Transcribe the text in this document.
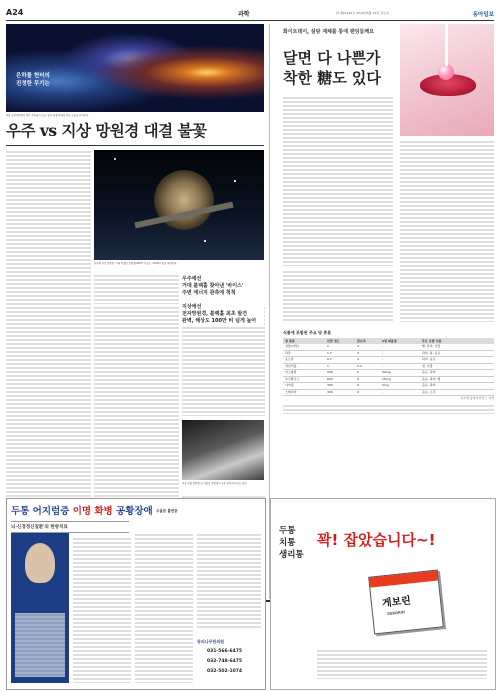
A24	과학	과 제21115호 2010년3월 12일 금요일	동아일보
은하를 헌터의
진정한 무기는
허블 우주망원경이 찍은 은하들의 모습. 빛의 파장에 따라 다른 모습을 보여준다.
우주 vs 지상 망원경 대결 불꽃
차세대 지상 망원경 '거대 마젤란 망원경(GMT)' 상상도. 2018년 완공 예정이다.
우주에선
거대 블랙홀 찾아낸 '바이스'
주변 에너지 관측에 척척
지상에선
전자망원경, 블랙홀 최초 발견
완벽, 해상도 100만 비 넘게 높아
지상 허블 망원경 등 다양한 망원경이 우주 관측에 나서고 있다.
화이트데이, 설탕 재체를 통에 랜딩들께요
달면 다 나쁜가
착한 糖도 있다
식품에 포함된 주요 당 종류
당 종류	단맛 정도	칼로리	1일 허용량	주요 포함 식품
설탕(자당)	1	4	-	빵, 과자, 사탕
과당	1.7	4	-	과일, 꿀, 음료
포도당	0.7	4	-	과자, 음료
자일리톨	1	2.4	-	껌, 사탕
아스파탐	200	0	40mg	음료, 과자
수크랄로스	600	0	15mg	음료, 과자, 빵
사카린	300	0	5mg	음료, 과자
스테비아	300	0	-	음료, 소주
이수연 동아사이언스 기자
두통 어지럼증 이명 화병 공황장애 우울증 불면증
뇌·신경정신질환'의 한방치료
동의나무한의원
031-566-6475
032-748-6475
032-502-1074
두통
치통
생리통
꽉! 잡았습니다~!
게보린
GEBORIN
